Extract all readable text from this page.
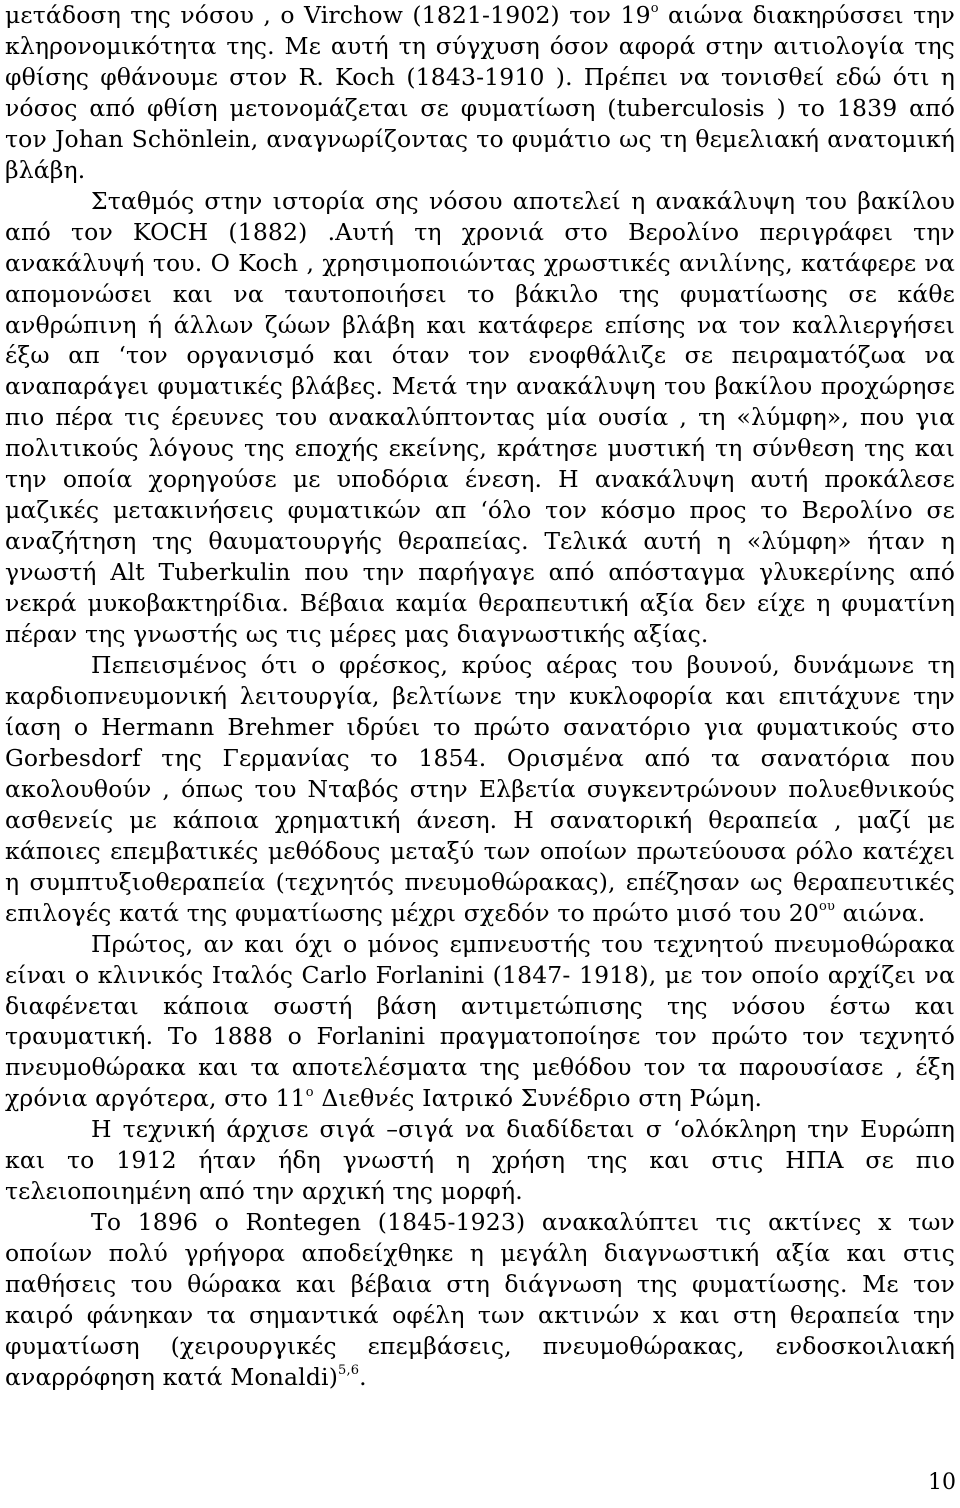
μετάδοση της νόσου , ο Virchow (1821-1902) τον $19^o$ αιώνα διακηρύσσει την κληρονομικότητα της. Με αυτή τη σύγχυση όσον αφορά στην αιτιολογία της φθίσης φθάνουμε στον R. Koch (1843-1910 ). Πρέπει να τονισθεί εδώ ότι η νόσος από φθίση μετονομάζεται σε φυματίωση (tuberculosis ) το 1839 από τον Johan Schönlein, αναγνωρίζοντας το φυμάτιο ως τη θεμελιακή ανατομική βλάβη.

Σταθμός στην ιστορία σης νόσου αποτελεί η ανακάλυψη του βακίλου από τον KOCH (1882) .Αυτή τη χρονιά στο Βερολίνο περιγράφει την ανακάλυψή του. O Koch , χρησιμοποιώντας χρωστικές ανιλίνης, κατάφερε να απομονώσει και να ταυτοποιήσει το βάκιλο της φυματίωσης σε κάθε ανθρώπινη ή άλλων ζώων βλάβη και κατάφερε επίσης να τον καλλιεργήσει έξω απ ‘τον οργανισμό και όταν τον ενοφθάλιζε σε πειραματόζωα να αναπαράγει φυματικές βλάβες. Μετά την ανακάλυψη του βακίλου προχώρησε πιο πέρα τις έρευνες του ανακαλύπτοντας μία ουσία , τη «λύμφη», που για πολιτικούς λόγους της εποχής εκείνης, κράτησε μυστική τη σύνθεση της και την οποία χορηγούσε με υποδόρια ένεση. Η ανακάλυψη αυτή προκάλεσε μαζικές μετακινήσεις φυματικών απ ‘όλο τον κόσμο προς το Βερολίνο σε αναζήτηση της θαυματουργής θεραπείας. Τελικά αυτή η «λύμφη» ήταν η γνωστή Alt Tuberkulin που την παρήγαγε από απόσταγμα γλυκερίνης από νεκρά μυκοβακτηρίδια. Βέβαια καμία θεραπευτική αξία δεν είχε η φυματίνη πέραν της γνωστής ως τις μέρες μας διαγνωστικής αξίας.

Πεπεισμένος ότι ο φρέσκος, κρύος αέρας του βουνού, δυνάμωνε τη καρδιοπνευμονική λειτουργία, βελτίωνε την κυκλοφορία και επιτάχυνε την ίαση ο Hermann Brehmer ιδρύει το πρώτο σανατόριο για φυματικούς στο Gorbesdorf της Γερμανίας το 1854. Ορισμένα από τα σανατόρια που ακολουθούν , όπως του Νταβός στην Ελβετία συγκεντρώνουν πολυεθνικούς ασθενείς με κάποια χρηματική άνεση. Η σανατορική θεραπεία , μαζί με κάποιες επεμβατικές μεθόδους μεταξύ των οποίων πρωτεύουσα ρόλο κατέχει η συμπτυξιοθεραπεία (τεχνητός πνευμοθώρακας), επέζησαν ως θεραπευτικές επιλογές κατά της φυματίωσης μέχρι σχεδόν το πρώτο μισό του $20^{o\upsilon}$ αιώνα.

Πρώτος, αν και όχι ο μόνος εμπνευστής του τεχνητού πνευμοθώρακα είναι ο κλινικός Ιταλός Carlo Forlanini (1847- 1918), με τον οποίο αρχίζει να διαφένεται κάποια σωστή βάση αντιμετώπισης της νόσου έστω και τραυματική. Το 1888 ο Forlanini πραγματοποίησε τον πρώτο τον τεχνητό πνευμοθώρακα και τα αποτελέσματα της μεθόδου τον τα παρουσίασε , έξη χρόνια αργότερα, στο $11^o$ Διεθνές Ιατρικό Συνέδριο στη Ρώμη.

Η τεχνική άρχισε σιγά –σιγά να διαδίδεται σ ‘ολόκληρη την Ευρώπη και το 1912 ήταν ήδη γνωστή η χρήση της και στις ΗΠΑ σε πιο τελειοποιημένη από την αρχική της μορφή.

Το 1896 ο Rontegen (1845-1923) ανακαλύπτει τις ακτίνες x των οποίων πολύ γρήγορα αποδείχθηκε η μεγάλη διαγνωστική αξία και στις παθήσεις του θώρακα και βέβαια στη διάγνωση της φυματίωσης. Με τον καιρό φάνηκαν τα σημαντικά οφέλη των ακτινών x και στη θεραπεία την φυματίωση (χειρουργικές επεμβάσεις, πνευμοθώρακας, ενδοσκοιλιακή αναρρόφηση κατά Monaldi)$^{5,6}$.

10
